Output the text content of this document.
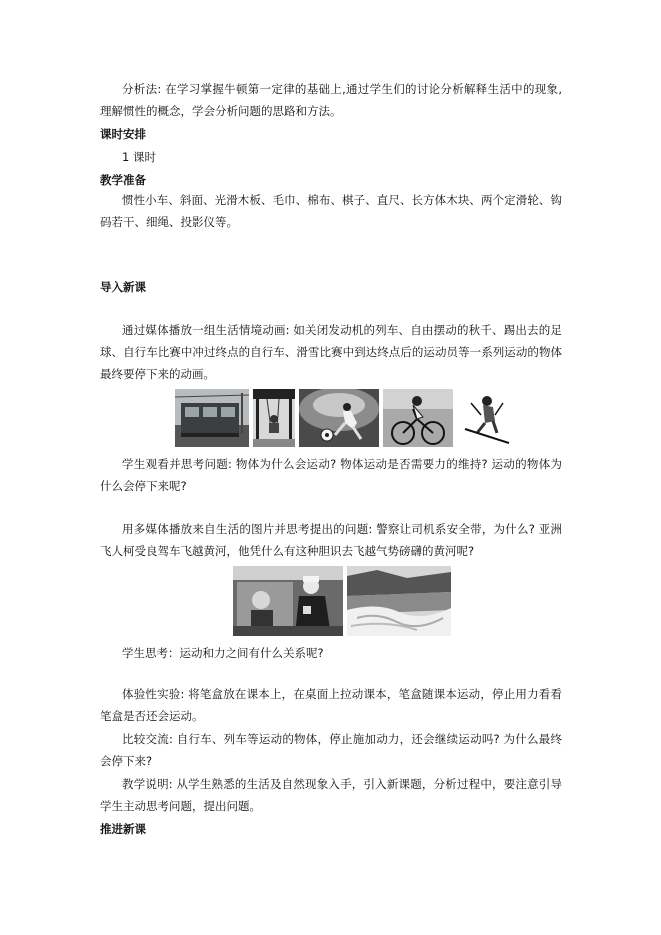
分析法: 在学习掌握牛顿第一定律的基础上,通过学生们的讨论分析解释生活中的现象,理解惯性的概念，学会分析问题的思路和方法。

课时安排

1 课时

教学准备

惯性小车、斜面、光滑木板、毛巾、棉布、棋子、直尺、长方体木块、两个定滑轮、钩码若干、细绳、投影仪等。

导入新课

通过媒体播放一组生活情境动画: 如关闭发动机的列车、自由摆动的秋千、踢出去的足球、自行车比赛中冲过终点的自行车、滑雪比赛中到达终点后的运动员等一系列运动的物体最终要停下来的动画。

学生观看并思考问题: 物体为什么会运动? 物体运动是否需要力的维持? 运动的物体为什么会停下来呢?

用多媒体播放来自生活的图片并思考提出的问题: 警察让司机系安全带，为什么? 亚洲飞人柯受良驾车飞越黄河，他凭什么有这种胆识去飞越气势磅礴的黄河呢?

学生思考：运动和力之间有什么关系呢?

体验性实验: 将笔盒放在课本上，在桌面上拉动课本，笔盒随课本运动，停止用力看看笔盒是否还会运动。

比较交流: 自行车、列车等运动的物体，停止施加动力，还会继续运动吗? 为什么最终会停下来?

教学说明: 从学生熟悉的生活及自然现象入手，引入新课题，分析过程中，要注意引导学生主动思考问题，提出问题。

推进新课
